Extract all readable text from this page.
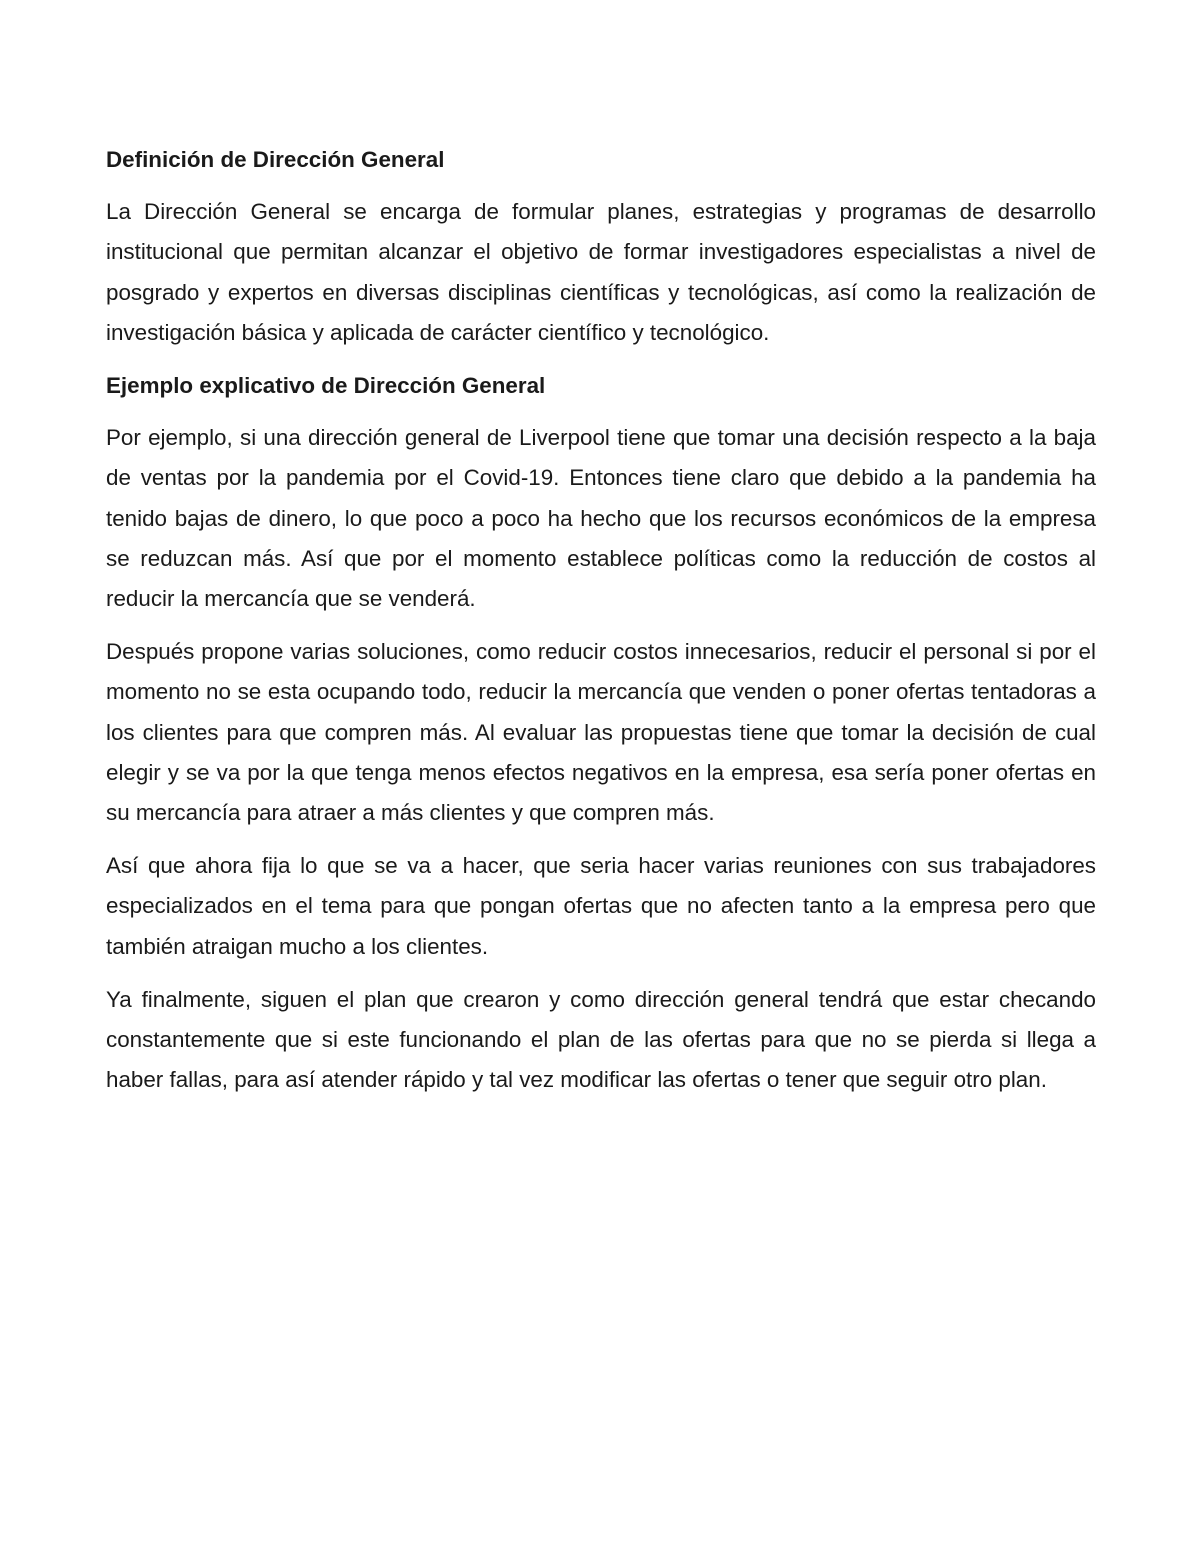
Definición de Dirección General
La Dirección General se encarga de formular planes, estrategias y programas de desarrollo institucional que permitan alcanzar el objetivo de formar investigadores especialistas a nivel de posgrado y expertos en diversas disciplinas científicas y tecnológicas, así como la realización de investigación básica y aplicada de carácter científico y tecnológico.
Ejemplo explicativo de Dirección General
Por ejemplo, si una dirección general de Liverpool tiene que tomar una decisión respecto a la baja de ventas por la pandemia por el Covid-19. Entonces tiene claro que debido a la pandemia ha tenido bajas de dinero, lo que poco a poco ha hecho que los recursos económicos de la empresa se reduzcan más. Así que por el momento establece políticas como la reducción de costos al reducir la mercancía que se venderá.
Después propone varias soluciones, como reducir costos innecesarios, reducir el personal si por el momento no se esta ocupando todo, reducir la mercancía que venden o poner ofertas tentadoras a los clientes para que compren más. Al evaluar las propuestas tiene que tomar la decisión de cual elegir y se va por la que tenga menos efectos negativos en la empresa, esa sería poner ofertas en su mercancía para atraer a más clientes y que compren más.
Así que ahora fija lo que se va a hacer, que seria hacer varias reuniones con sus trabajadores especializados en el tema para que pongan ofertas que no afecten tanto a la empresa pero que también atraigan mucho a los clientes.
Ya finalmente, siguen el plan que crearon y como dirección general tendrá que estar checando constantemente que si este funcionando el plan de las ofertas para que no se pierda si llega a haber fallas, para así atender rápido y tal vez modificar las ofertas o tener que seguir otro plan.
